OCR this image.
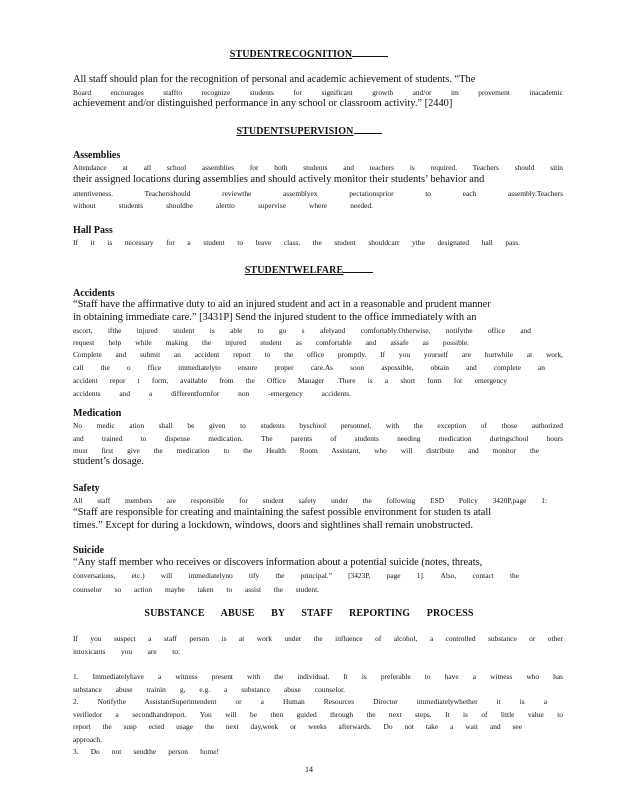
STUDENTRECOGNITION
All staff should plan for the recognition of personal and academic achievement of students. “The
Board encourages staffto recognize students for significant growth and/or im provement inacademic
achievement and/or distinguished performance in any school or classroom activity.” [2440]
STUDENTSUPERVISION
Assemblies
Attendance at all school assemblies for both students and teachers is required. Teachers should sitin
their assigned locations during assemblies and should actively monitor their students’ behavior and
attentiveness. Teachersshould reviewthe assemblyex pectationsprior to each assembly.Teachers
without students shouldbe alertto supervise where needed.
Hall Pass
If it is necessary for a student to leave class, the student shouldcarr ythe designated hall pass.
STUDENTWELFARE
Accidents
“Staff have the affirmative duty to aid an injured student and act in a reasonable and prudent manner
in obtaining immediate care.” [3431P] Send the injured student to the office immediately with an
escort, ifthe injured student is able to go s afelyand comfortably.Otherwise, notifythe office and
request help while making the injured student as comfortable and assafe as possible.
Complete and submit an accident report to the office promptly. If you yourself are hurtwhile at work,
call the o ffice immediatelyto ensure proper care.As soon aspossible, obtain and complete an
accident repor t form, available from the Office Manager .There is a short form for emergency
accidents and a differentformfor non -emergency accidents.
Medication
No medic ation shall be given to students byschool personnel, with the exception of those authorized
and trained to dispense medication. The parents of students needing medication duringschool hours
must first give the medication to the Health Room Assistant, who will distribute and monitor the
student’s dosage.
Safety
All staff members are responsible for student safety under the following ESD Policy 3420P,page 1:
“Staff are responsible for creating and maintaining the safest possible environment for studen ts atall
times.” Except for during a lockdown, windows, doors and sightlines shall remain unobstructed.
Suicide
“Any staff member who receives or discovers information about a potential suicide (notes, threats,
conversations, etc.) will immediatelyno tify the principal.” [3423P, page 1]. Also, contact the
counselor so action maybe taken to assist the student.
SUBSTANCE ABUSE BY STAFF REPORTING PROCESS
If you suspect a staff person is at work under the influence of alcohol, a controlled substance or other
intoxicants you are to:
1. Immediatelyhave a witness present with the individual. It is preferable to have a witness who has
substance abuse trainin g, e.g. a substance abuse counselor.
2. Notifythe AssistantSuperintendent or a Human Resources Director immediatelywhether it is a
verifiedor a secondhandreport. You will be then guided through the next steps. It is of little value to
report the susp ected usage the next day,week or weeks afterwards. Do not take a wait and see
approach.
3. Do not sendthe person home!
14
